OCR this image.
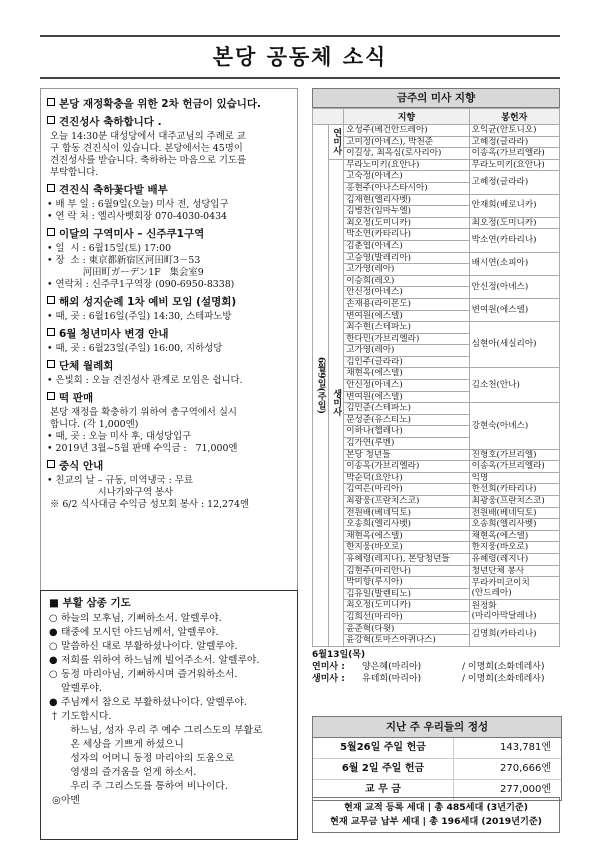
본당 공동체 소식
본당 재정확충을 위한 2차 헌금이 있습니다.
견진성사 축하합니다 .
오늘 14:30분 대성당에서 대주교님의 주례로 교
구 합동 견진식이 있습니다. 본당에서는 45명이
견진성사를 받습니다. 축하하는 마음으로 기도를
부탁합니다.
견진식 축하꽃다발 배부
• 배 부 일 : 6월9일(오늘) 미사 전, 성당입구
• 연 락 처 : 엘리사벳회장 070-4030-0434
이달의 구역미사 – 신주쿠1구역
• 일  시 : 6월15일(토) 17:00
• 장  소 : 東京都新宿区河田町3－53
河田町ガーデン1F   集会室9
• 연락처 : 신주쿠1구역장 (090-6950-8338)
해외 성지순례 1차 예비 모임 (설명회)
• 때, 곳 : 6월16일(주일) 14:30, 스테파노방
6월 청년미사 변경 안내
• 때, 곳 : 6월23일(주일) 16:00, 지하성당
단체 월례회
• 은빛회 : 오늘 견진성사 관계로 모임은 쉽니다.
떡 판매
본당 재정을 확충하기 위하여 총구역에서 실시
합니다. (각 1,000엔)
• 때, 곳 : 오늘 미사 후, 대성당입구
• 2019년 3월~5월 판매 수익금 :   71,000엔
중식 안내
• 친교의 날 – 규동, 미역냉국 : 무료
시나가와구역 봉사
※ 6/2 식사대금 수익금 성모회 봉사 : 12,274엔
■ 부활 삼종 기도
○ 하늘의 모후님, 기뻐하소서. 알렐루야.
● 태중에 모시던 아드님께서, 알렐루야.
○ 말씀하신 대로 부활하셨나이다. 알렐루야.
● 저희를 위하여 하느님께 빌어주소서. 알렐루야.
○ 동정 마리아님, 기뻐하시며 즐거워하소서.
알렐루야.
● 주님께서 참으로 부활하셨나이다. 알렐루야.
† 기도합시다.
하느님, 성자 우리 주 예수 그리스도의 부활로
온 세상을 기쁘게 하셨으니
성자의 어머니 동정 마리아의 도움으로
영생의 즐거움을 얻게 하소서.
우리 주 그리스도를 통하여 비나이다.
◎아멘
금주의 미사 지향
		지향	봉헌자
6월9일(주일)	연미사	오성주(베건안드레아)	오익균(안토니오)
		고미정(아녜스), 박천준	고혜정(글라라)
		이길상, 최옥심(로사리아)	이송옥(가브리엘라)
	생미사	무라노미키(요안나)	무라노미키(요안나)
		고숙정(아녜스)	고혜정(글라라)
		홍현주(아나스타시아)	
		김재현(엘리사벳)	안재희(베로니카)
		김병찬(임마누엘)	
		최오정(도미니카)	최오정(도미니카)
		박소연(카타리나)	박소연(카타리나)
		김춘엽(아녜스)	
		고승영(발레리아)	배시연(소피아)
		고가영(레아)	
		이승희(레오)	안신정(아녜스)
		안신정(아녜스)	
		손재용(라이몬도)	변여원(에스델)
		변여원(에스델)	
		최수현(스테파노)	심현아(세실리아)
		한다민(가브리엘라)	
		고가영(레아)	
		김인주(글라라)	
		채현옥(에스델)	김소천(안나)
		안신정(아녜스)	
		변여원(에스델)	
		김민준(스테파노)	강현숙(아녜스)
		문성준(유스티노)	
		이하나(헬레나)	
		김가연(루멘)	
		본당 청년들	진형호(가브리엘)
		이송옥(가브리엘라)	이송옥(가브리엘라)
		박순덕(요안나)	익명
		김여은(마리아)	한선희(카타리나)
		최광웅(프란치스코)	최광웅(프란치스코)
		전원배(베네딕토)	전원배(베네딕토)
		오송희(엘리사벳)	오송희(엘리사벳)
		채현옥(에스델)	채현옥(에스델)
		한지웅(바오로)	한지웅(바오로)
		유혜령(레지나), 본당청년들	유혜령(레지나)
		김현주(마리안나)	청년단체 봉사
		박미향(루시아)	무라카미코이치
(안드레아)
		김유일(발렌티노)	
		최오정(도미니카)	원정화
(마리아막달레나)
		김희선(마리아)	
		윤준혁(다윗)	김명희(카타리나)
		윤강혁(토마스아퀴나스)	
6월13일(목)
연미사 : 양은혜(마리아)	/ 이명희(소화데레사)
생미사 : 유테희(마리아)	/ 이명희(소화데레사)
지난 주 우리들의 정성
5월26일 주일 헌금	143,781엔
6월 2일 주일 헌금	270,666엔
교 무 금	277,000엔
현재 교적 등록 세대 | 총 485세대 (3년기준)
현재 교무금 납부 세대 | 총 196세대 (2019년기준)
